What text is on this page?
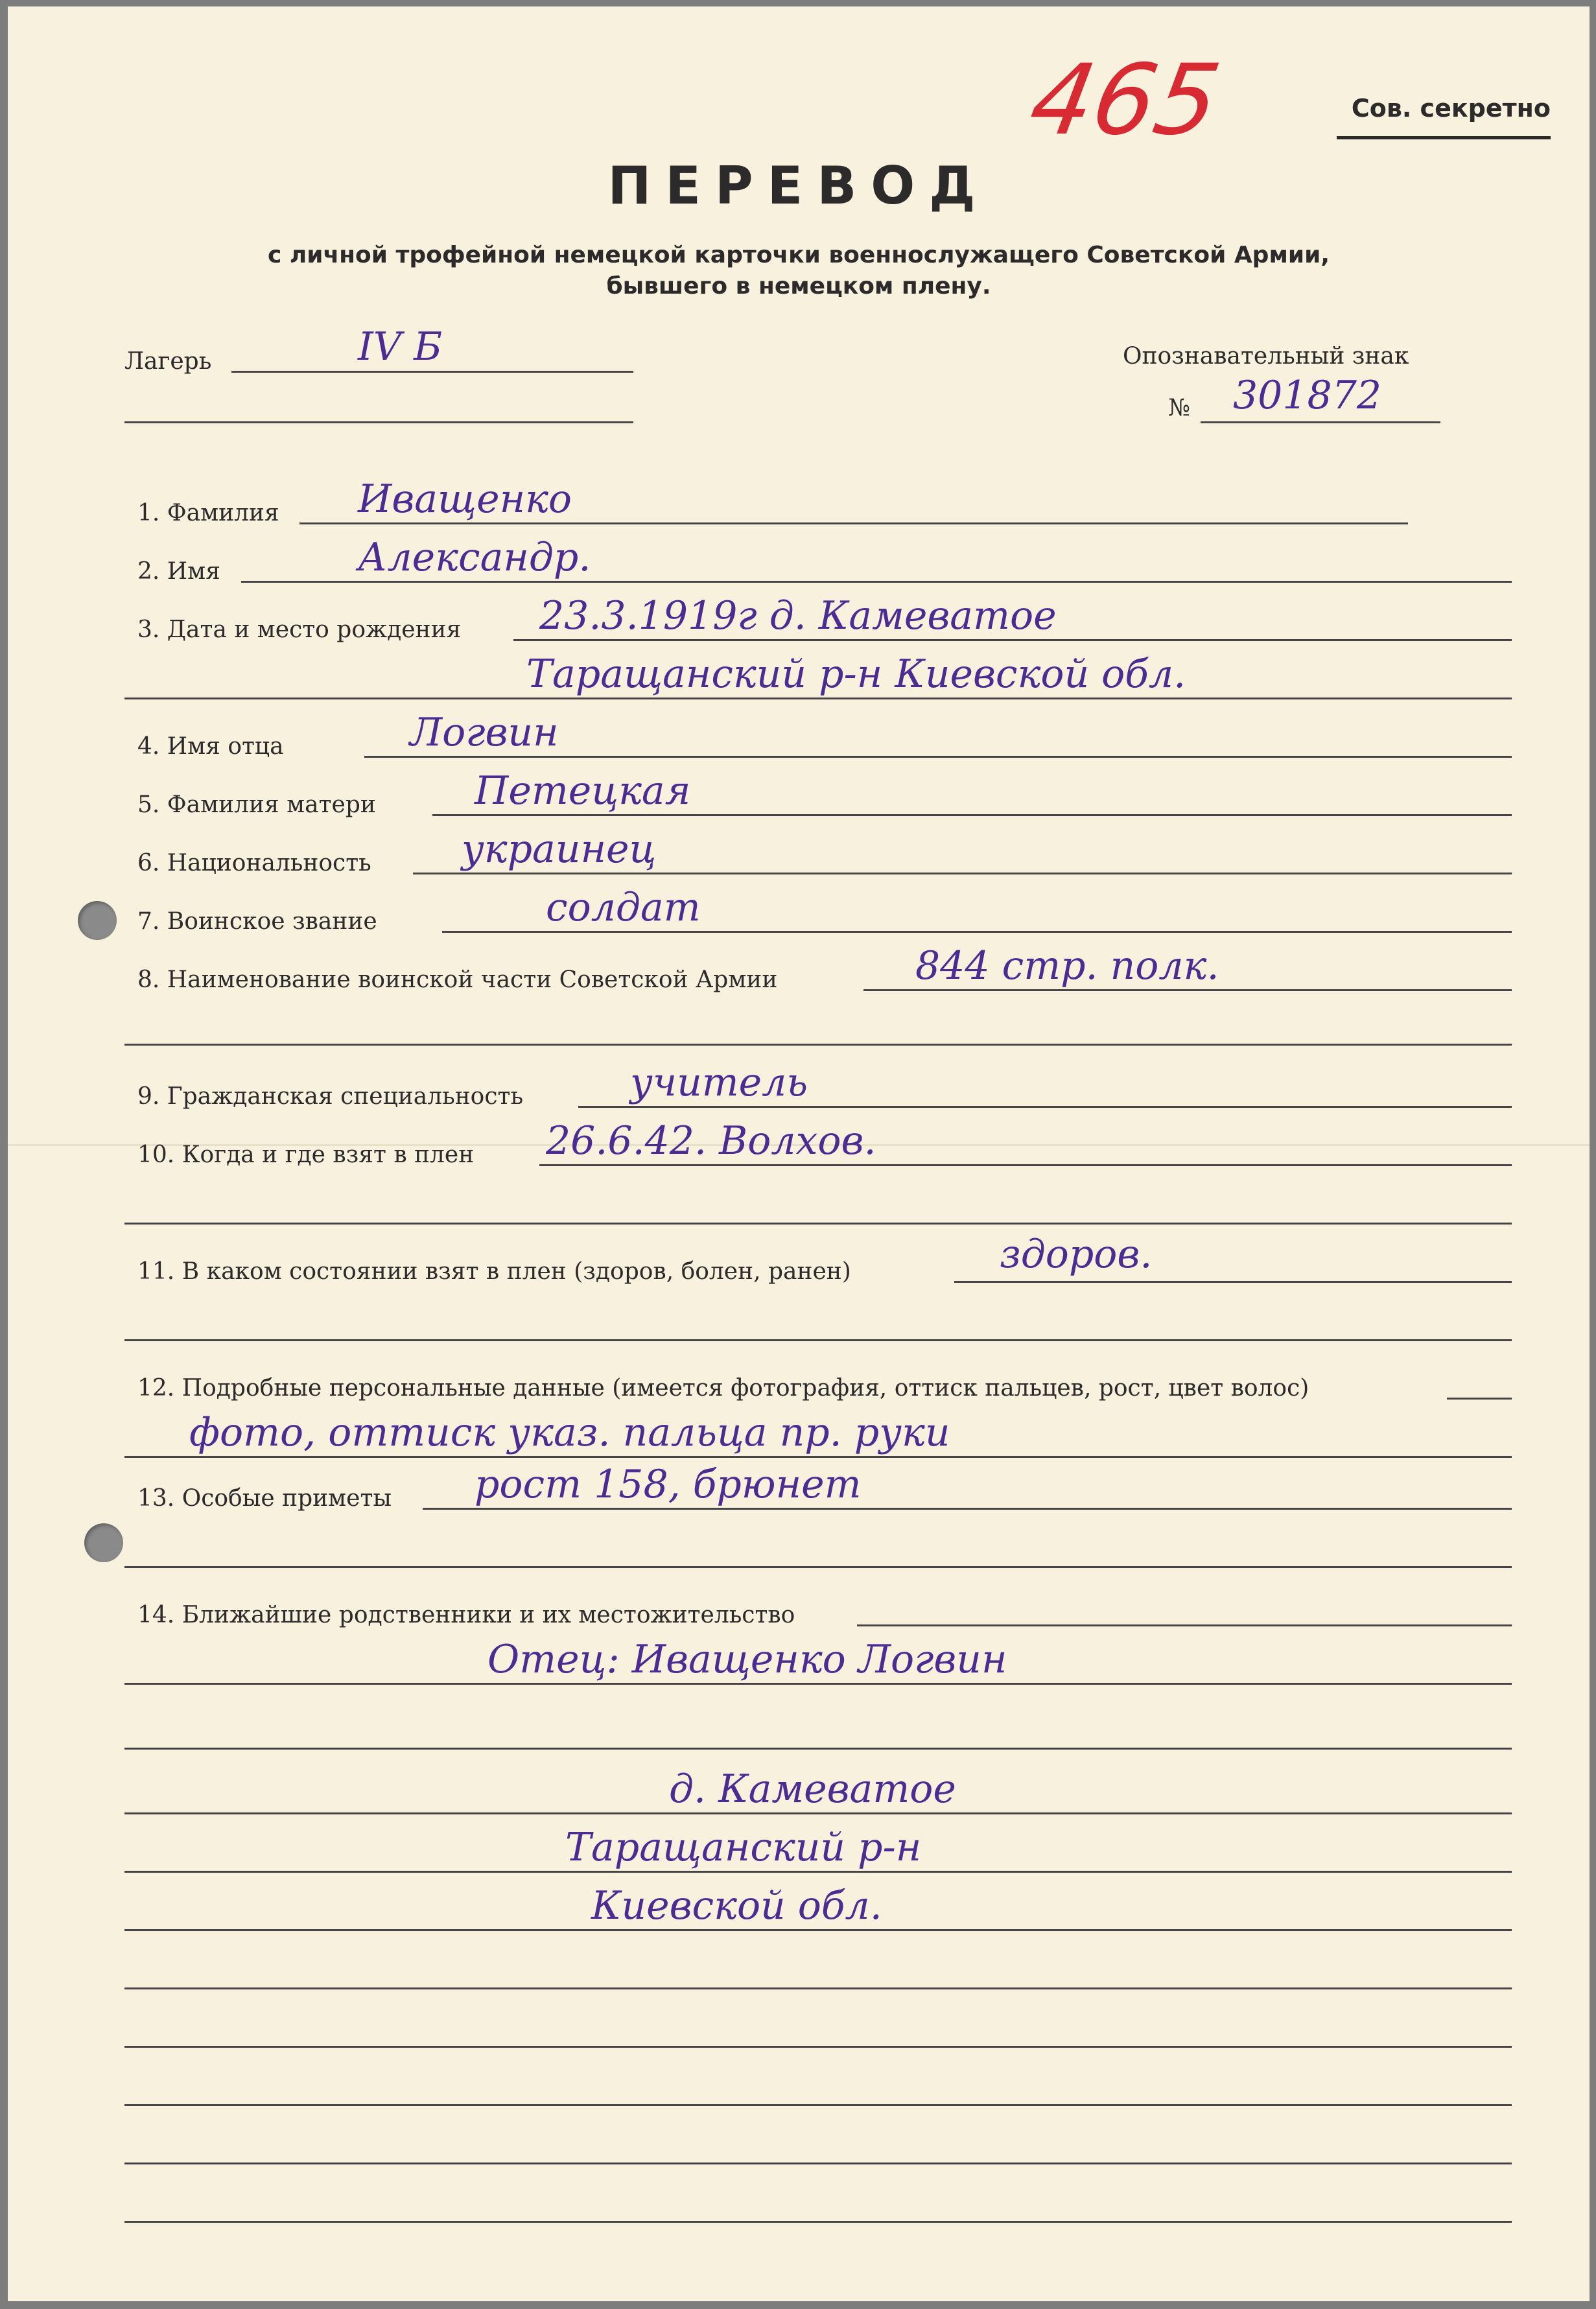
Сов. секретно
465
ПЕРЕВОД
с личной трофейной немецкой карточки военнослужащего Советской Армии,
бывшего в немецком плену.
Лагерь	IV Б	Опознавательный знак
№ 301872
1. Фамилия Иващенко
2. Имя	Александр.
3. Дата и место рождения 23.3.1919г д. Камеватое
Таращанский р-н Киевской обл.
4. Имя отца	Логвин
5. Фамилия матери	Петецкая
6. Национальность украинец
7. Воинское звание	солдат
8. Наименование воинской части Советской Армии	844 стр. полк.
9. Гражданская специальность	учитель
10. Когда и где взят в плен 26.6.42. Волхов.
11. В каком состоянии взят в плен (здоров, болен, ранен)	здоров.
12. Подробные персональные данные (имеется фотография, оттиск пальцев, рост, цвет волос)
фото, оттиск указ. пальца пр. руки
13. Особые приметы рост 158, брюнет
14. Ближайшие родственники и их местожительство
Отец: Иващенко Логвин
д. Камеватое
Таращанский р-н
Киевской обл.
